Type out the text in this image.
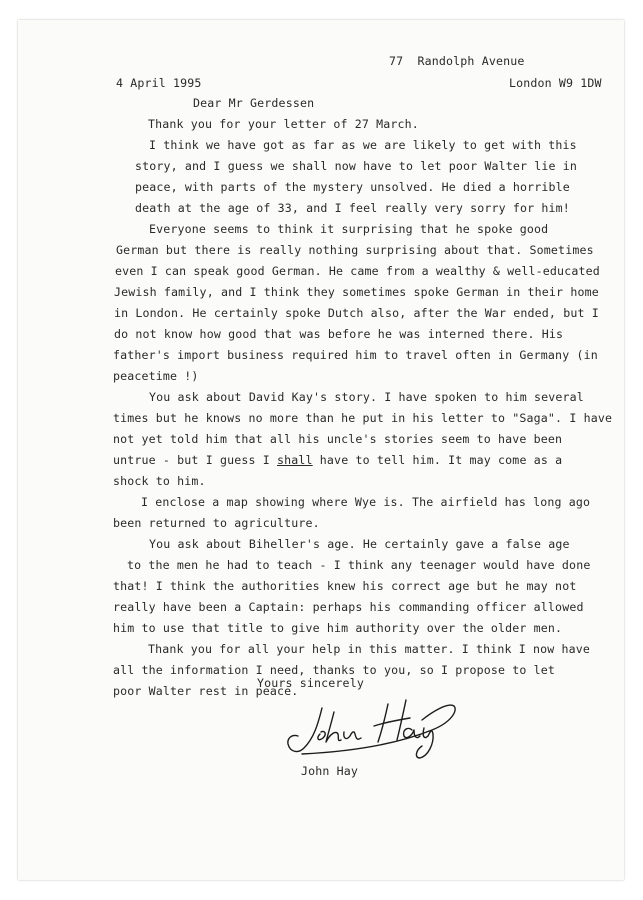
77  Randolph Avenue
London W9 1DW
4 April 1995
Dear Mr Gerdessen
Thank you for your letter of 27 March.
I think we have got as far as we are likely to get with this
story, and I guess we shall now have to let poor Walter lie in
peace, with parts of the mystery unsolved. He died a horrible
death at the age of 33, and I feel really very sorry for him!
Everyone seems to think it surprising that he spoke good
German but there is really nothing surprising about that. Sometimes
even I can speak good German. He came from a wealthy & well-educated
Jewish family, and I think they sometimes spoke German in their home
in London. He certainly spoke Dutch also, after the War ended, but I
do not know how good that was before he was interned there. His
father's import business required him to travel often in Germany (in
peacetime !)
You ask about David Kay's story. I have spoken to him several
times but he knows no more than he put in his letter to "Saga". I have
not yet told him that all his uncle's stories seem to have been
untrue - but I guess I shall have to tell him. It may come as a
shock to him.
I enclose a map showing where Wye is. The airfield has long ago
been returned to agriculture.
You ask about Biheller's age. He certainly gave a false age
to the men he had to teach - I think any teenager would have done
that! I think the authorities knew his correct age but he may not
really have been a Captain: perhaps his commanding officer allowed
him to use that title to give him authority over the older men.
Thank you for all your help in this matter. I think I now have
all the information I need, thanks to you, so I propose to let
poor Walter rest in peace.
Yours sincerely
John Hay
